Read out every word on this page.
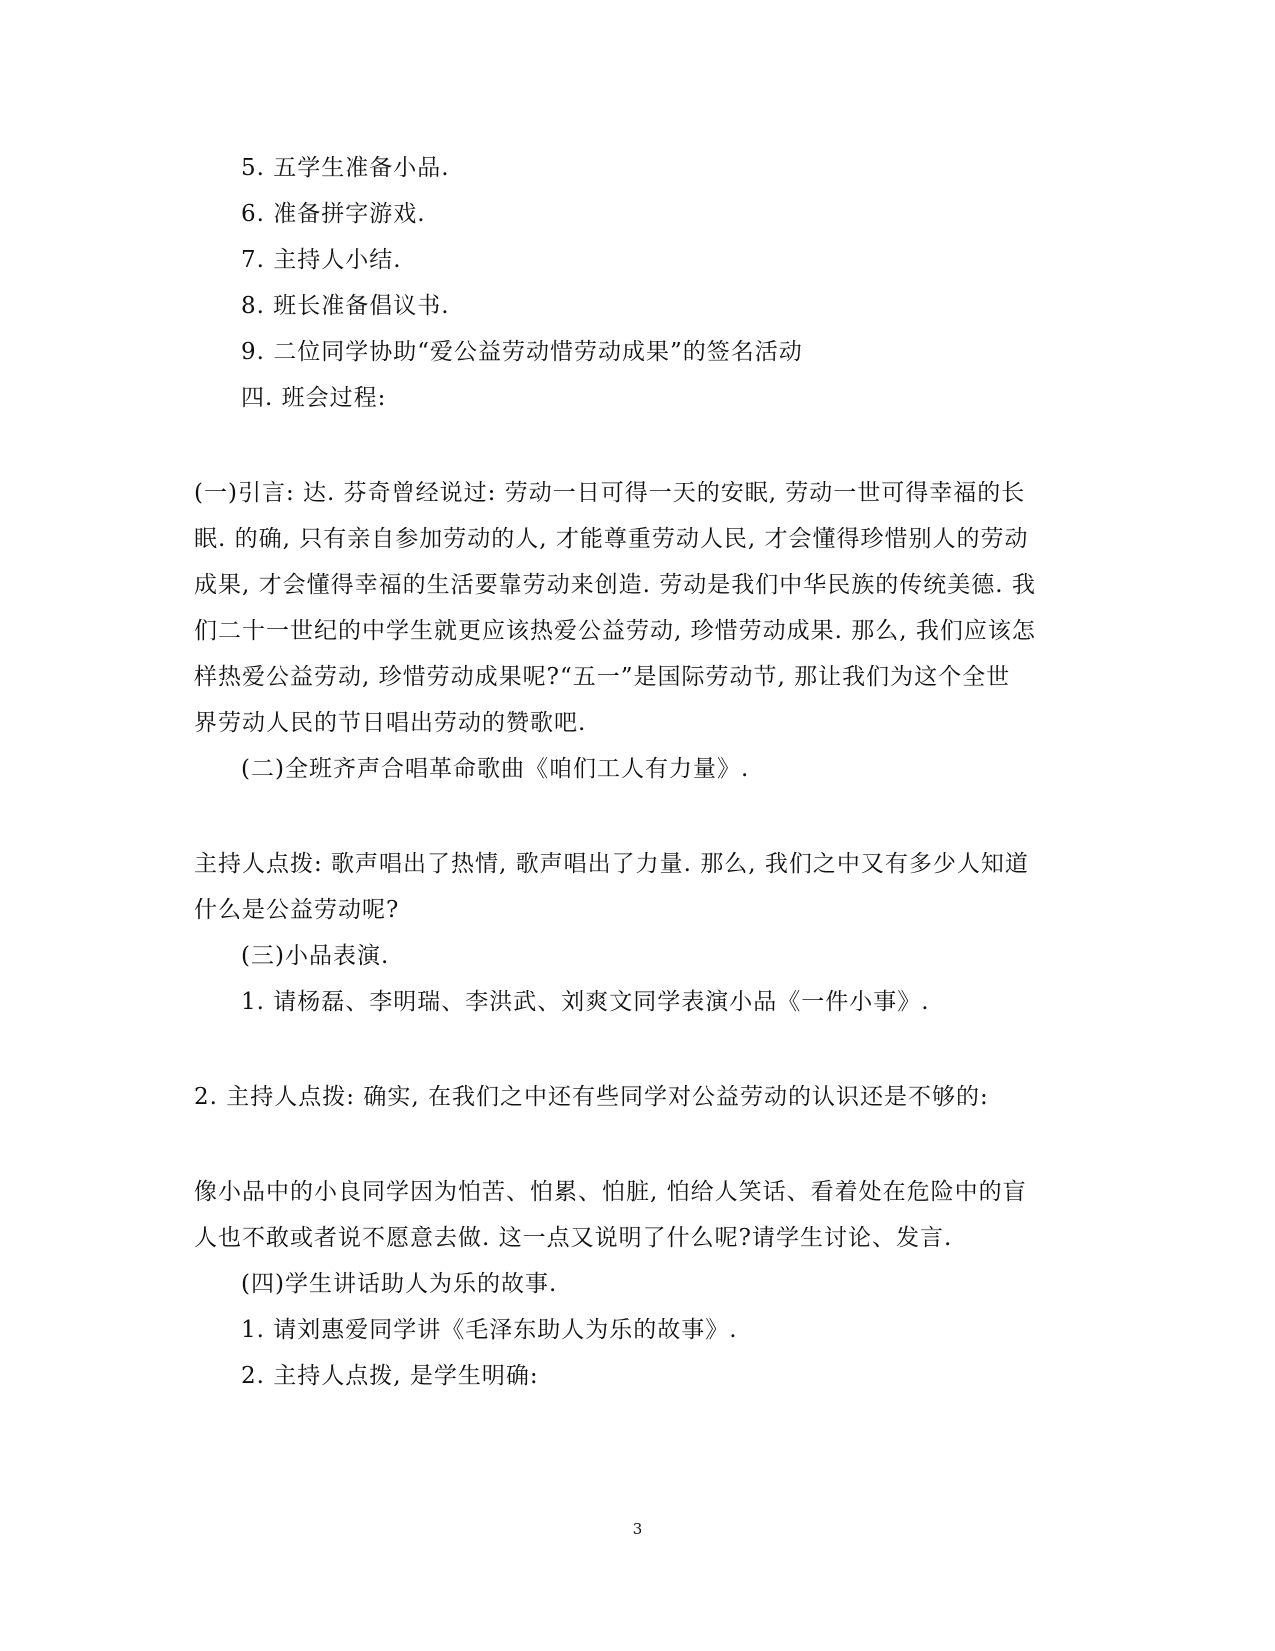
5. 五学生准备小品.
6. 准备拼字游戏.
7. 主持人小结.
8. 班长准备倡议书.
9. 二位同学协助“爱公益劳动惜劳动成果”的签名活动
四. 班会过程:
(一)引言: 达. 芬奇曾经说过: 劳动一日可得一天的安眠, 劳动一世可得幸福的长
眠. 的确, 只有亲自参加劳动的人, 才能尊重劳动人民, 才会懂得珍惜别人的劳动
成果, 才会懂得幸福的生活要靠劳动来创造. 劳动是我们中华民族的传统美德. 我
们二十一世纪的中学生就更应该热爱公益劳动, 珍惜劳动成果. 那么, 我们应该怎
样热爱公益劳动, 珍惜劳动成果呢?“五一”是国际劳动节, 那让我们为这个全世
界劳动人民的节日唱出劳动的赞歌吧.
(二)全班齐声合唱革命歌曲《咱们工人有力量》.
主持人点拨: 歌声唱出了热情, 歌声唱出了力量. 那么, 我们之中又有多少人知道
什么是公益劳动呢?
(三)小品表演.
1. 请杨磊、李明瑞、李洪武、刘爽文同学表演小品《一件小事》.
2. 主持人点拨: 确实, 在我们之中还有些同学对公益劳动的认识还是不够的:
像小品中的小良同学因为怕苦、怕累、怕脏, 怕给人笑话、看着处在危险中的盲
人也不敢或者说不愿意去做. 这一点又说明了什么呢?请学生讨论、发言.
(四)学生讲话助人为乐的故事.
1. 请刘惠爱同学讲《毛泽东助人为乐的故事》.
2. 主持人点拨, 是学生明确:
3
